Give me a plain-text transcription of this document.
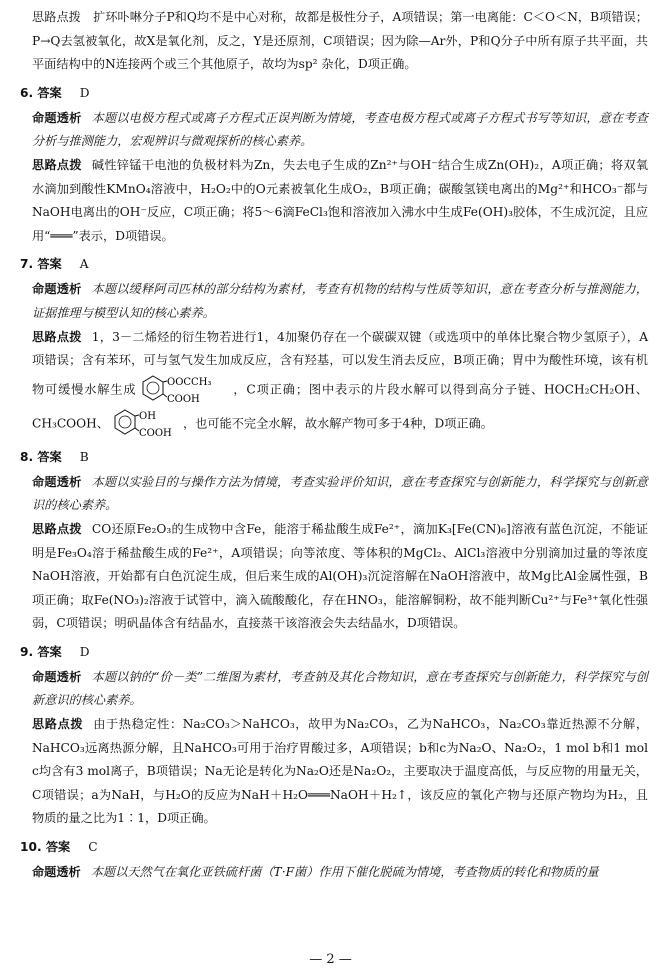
思路点拨　扩环卟啉分子P和Q均不是中心对称，故都是极性分子，A项错误；第一电离能：C＜O＜N，B项错误；P→Q去氢被氧化，故X是氧化剂，反之，Y是还原剂，C项错误；因为除—Ar外，P和Q分子中所有原子共平面，共平面结构中的N连接两个或三个其他原子，故均为sp² 杂化，D项正确。

6. 答案 D

命题透析 本题以电极方程式或离子方程式正误判断为情境，考查电极方程式或离子方程式书写等知识，意在考查分析与推测能力，宏观辨识与微观探析的核心素养。

思路点拨 碱性锌锰干电池的负极材料为Zn，失去电子生成的Zn²⁺与OH⁻结合生成Zn(OH)₂，A项正确；将双氧水滴加到酸性KMnO₄溶液中，H₂O₂中的O元素被氧化生成O₂，B项正确；碳酸氢镁电离出的Mg²⁺和HCO₃⁻都与NaOH电离出的OH⁻反应，C项正确；将5～6滴FeCl₃饱和溶液加入沸水中生成Fe(OH)₃胶体，不生成沉淀，且应用“═══”表示，D项错误。

7. 答案 A

命题透析 本题以缓释阿司匹林的部分结构为素材，考查有机物的结构与性质等知识，意在考查分析与推测能力，证据推理与模型认知的核心素养。

思路点拨 1，3－二烯烃的衍生物若进行1，4加聚仍存在一个碳碳双键（或选项中的单体比聚合物少氢原子），A项错误；含有苯环，可与氢气发生加成反应，含有羟基，可以发生消去反应，B项正确；胃中为酸性环境，该有机物可缓慢水解生成	OOCCH₃
COOH
，C项正确；图中表示的片段水解可以得到高分子链、HOCH₂CH₂OH、CH₃COOH、	OH
COOH
，也可能不完全水解，故水解产物可多于4种，D项正确。

8. 答案 B

命题透析 本题以实验目的与操作方法为情境，考查实验评价知识，意在考查探究与创新能力，科学探究与创新意识的核心素养。

思路点拨 CO还原Fe₂O₃的生成物中含Fe，能溶于稀盐酸生成Fe²⁺，滴加K₃[Fe(CN)₆]溶液有蓝色沉淀，不能证明是Fe₃O₄溶于稀盐酸生成的Fe²⁺，A项错误；向等浓度、等体积的MgCl₂、AlCl₃溶液中分别滴加过量的等浓度NaOH溶液，开始都有白色沉淀生成，但后来生成的Al(OH)₃沉淀溶解在NaOH溶液中，故Mg比Al金属性强，B项正确；取Fe(NO₃)₂溶液于试管中，滴入硫酸酸化，存在HNO₃，能溶解铜粉，故不能判断Cu²⁺与Fe³⁺氧化性强弱，C项错误；明矾晶体含有结晶水，直接蒸干该溶液会失去结晶水，D项错误。

9. 答案 D

命题透析 本题以钠的“价－类”二维图为素材，考查钠及其化合物知识，意在考查探究与创新能力，科学探究与创新意识的核心素养。

思路点拨 由于热稳定性：Na₂CO₃＞NaHCO₃，故甲为Na₂CO₃，乙为NaHCO₃，Na₂CO₃靠近热源不分解，NaHCO₃远离热源分解，且NaHCO₃可用于治疗胃酸过多，A项错误；b和c为Na₂O、Na₂O₂，1 mol b和1 mol c均含有3 mol离子，B项错误；Na无论是转化为Na₂O还是Na₂O₂，主要取决于温度高低，与反应物的用量无关，C项错误；a为NaH，与H₂O的反应为NaH＋H₂O═══NaOH＋H₂↑，该反应的氧化产物与还原产物均为H₂，且物质的量之比为1∶1，D项正确。

10. 答案 C

命题透析 本题以天然气在氧化亚铁硫杆菌（T·F菌）作用下催化脱硫为情境，考查物质的转化和物质的量

— 2 —
